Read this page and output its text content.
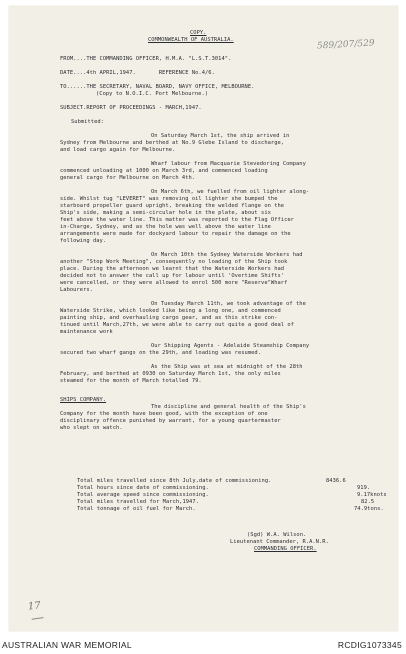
COPY.
COMMONWEALTH OF AUSTRALIA.	589/207/529
FROM....THE COMMANDING OFFICER, H.M.A. "L.S.T.3014".
DATE....4th APRIL,1947.       REFERENCE No.4/6.
TO......THE SECRETARY, NAVAL BOARD, NAVY OFFICE, MELBOURNE.
(Copy to N.O.I.C. Port Melbourne.)
SUBJECT.REPORT OF PROCEEDINGS - MARCH,1947.
Submitted:
On Saturday March 1st, the ship arrived in
Sydney from Melbourne and berthed at No.9 Glebe Island to discharge,
and load cargo again for Melbourne.
Wharf labour from Macquarie Stevedoring Company
commenced unloading at 1000 on March 3rd, and commenced loading
general cargo for Melbourne on March 4th.
On March 6th, we fuelled from oil lighter along-
side. Whilst tug "LEVERET" was removing oil lighter she bumped the
starboard propeller guard upright, breaking the welded flange on the
Ship's side, making a semi-circular hole in the plate, about six
feet above the water line. This matter was reported to the Flag Officer
in-Charge, Sydney, and as the hole was well above the water line
arrangements were made for dockyard labour to repair the damage on the
following day.
On March 10th the Sydney Waterside Workers had
another "Stop Work Meeting", consequently no loading of the Ship took
place. During the afternoon we learnt that the Waterside Workers had
decided not to answer the call up for labour until 'Overtime Shifts'
were cancelled, or they were allowed to enrol 500 more "Reserve"Wharf
Labourers.
On Tuesday March 11th, we took advantage of the
Waterside Strike, which looked like being a long one, and commenced
painting ship, and overhauling cargo gear, and as this strike con-
tinued until March,27th, we were able to carry out quite a good deal of
maintenance work
Our Shipping Agents - Adelaide Steamship Company
secured two wharf gangs on the 29th, and loading was resumed.
As the Ship was at sea at midnight of the 28th
February, and berthed at 0930 on Saturday March 1st, the only miles
steamed for the month of March totalled 79.
SHIPS COMPANY.
The discipline and general health of the Ship's
Company for the month have been good, with the exception of one
disciplinary offence punished by warrant, for a young quartermaster
who slept on watch.
Total miles travelled since 8th July,date of commissioning.	8436.6
Total hours since date of commissioning.	919.
Total average speed since commissioning.	9.17knots
Total miles travelled for March,1947.	82.5
Total tonnage of oil fuel for March.	74.9tons.
(Sgd) W.A. Wilson.
Lieutenant Commander, R.A.N.R.
COMMANDING OFFICER.
17
AUSTRALIAN WAR MEMORIAL	RCDIG1073345
